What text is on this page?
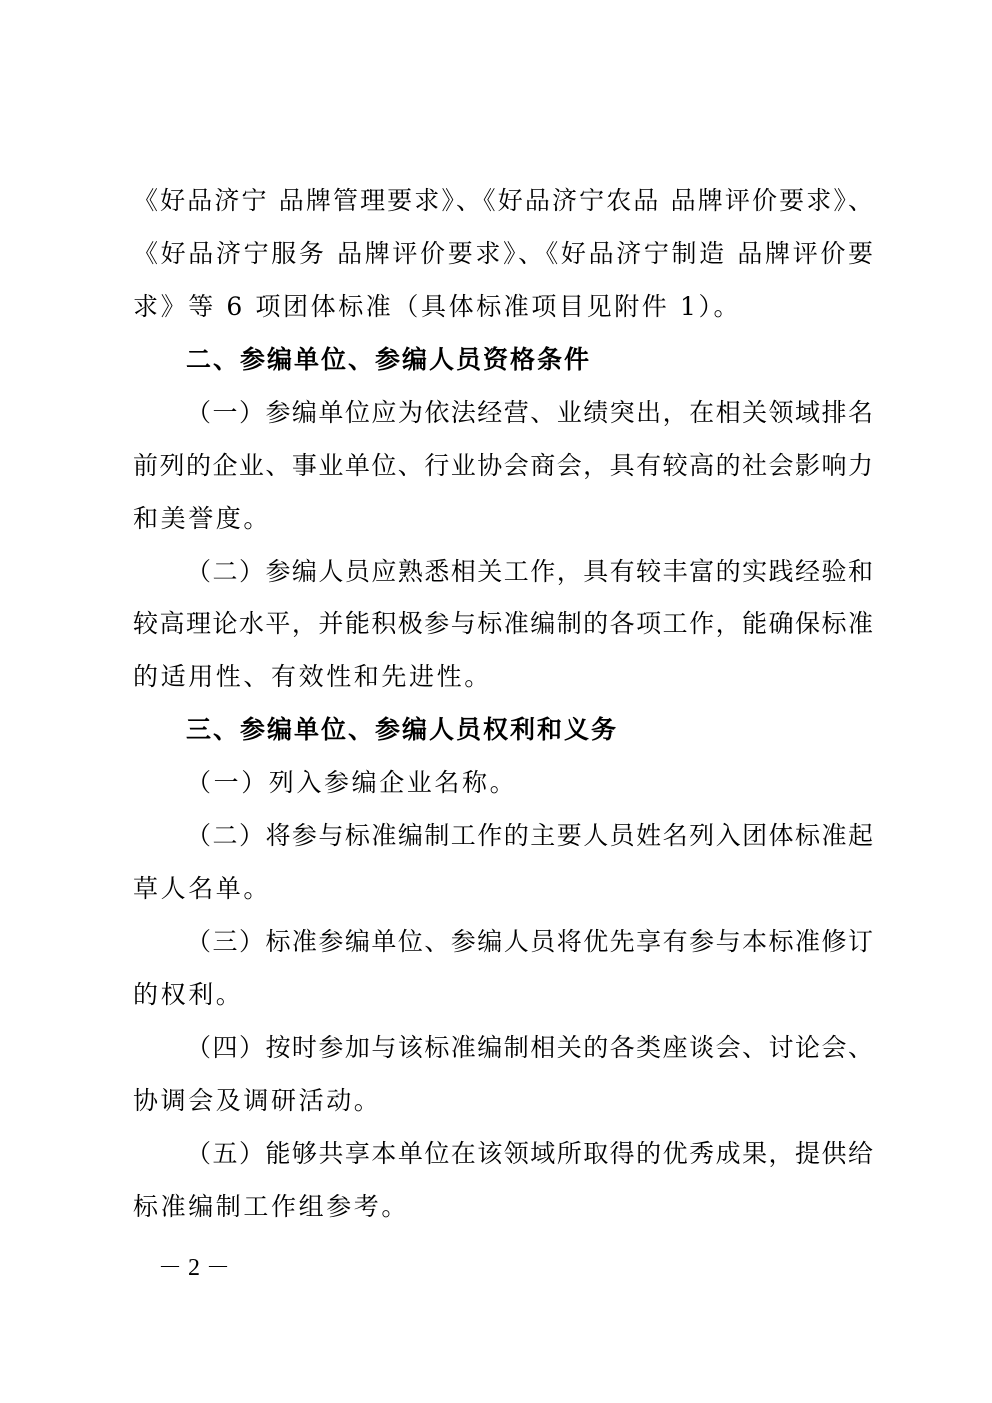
《好品济宁 品牌管理要求》、《好品济宁农品 品牌评价要求》、
《好品济宁服务 品牌评价要求》、《好品济宁制造 品牌评价要
求》等 6 项团体标准（具体标准项目见附件 1）。
二、参编单位、参编人员资格条件
（一）参编单位应为依法经营、业绩突出，在相关领域排名
前列的企业、事业单位、行业协会商会，具有较高的社会影响力
和美誉度。
（二）参编人员应熟悉相关工作，具有较丰富的实践经验和
较高理论水平，并能积极参与标准编制的各项工作，能确保标准
的适用性、有效性和先进性。
三、参编单位、参编人员权利和义务
（一）列入参编企业名称。
（二）将参与标准编制工作的主要人员姓名列入团体标准起
草人名单。
（三）标准参编单位、参编人员将优先享有参与本标准修订
的权利。
（四）按时参加与该标准编制相关的各类座谈会、讨论会、
协调会及调研活动。
（五）能够共享本单位在该领域所取得的优秀成果，提供给
标准编制工作组参考。
－ 2 －
